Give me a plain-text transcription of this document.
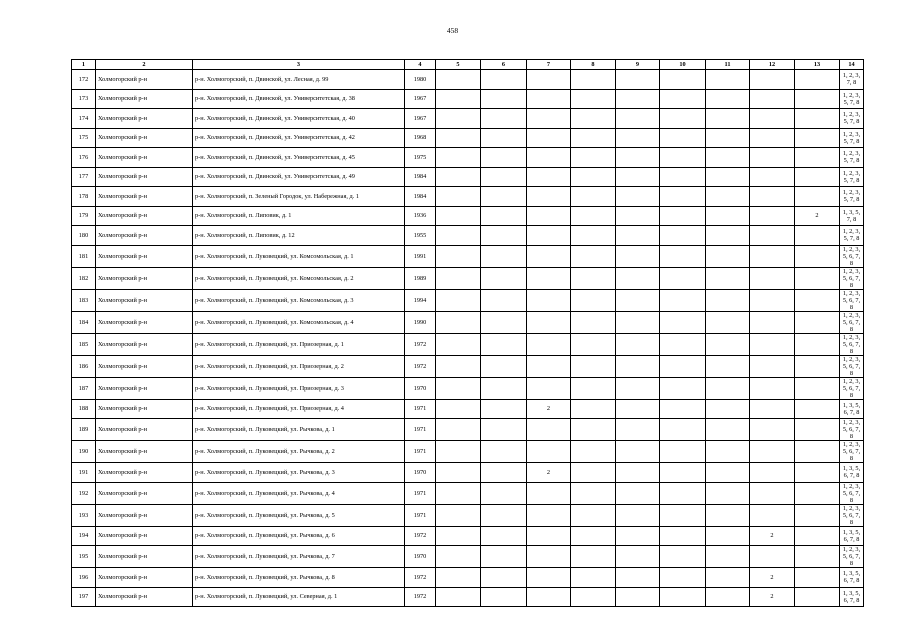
458
1	2	3	4	5	6	7	8	9	10	11	12	13	14
172	Холмогорский р-н	р-н. Холмогорский, п. Двинской, ул. Лесная, д. 99	1980										1, 2, 3, 7, 8
173	Холмогорский р-н	р-н. Холмогорский, п. Двинской, ул. Университетская, д. 38	1967										1, 2, 3, 5, 7, 8
174	Холмогорский р-н	р-н. Холмогорский, п. Двинской, ул. Университетская, д. 40	1967										1, 2, 3, 5, 7, 8
175	Холмогорский р-н	р-н. Холмогорский, п. Двинской, ул. Университетская, д. 42	1968										1, 2, 3, 5, 7, 8
176	Холмогорский р-н	р-н. Холмогорский, п. Двинской, ул. Университетская, д. 45	1975										1, 2, 3, 5, 7, 8
177	Холмогорский р-н	р-н. Холмогорский, п. Двинской, ул. Университетская, д. 49	1984										1, 2, 3, 5, 7, 8
178	Холмогорский р-н	р-н. Холмогорский, п. Зеленый Городок, ул. Набережная, д. 1	1984										1, 2, 3, 5, 7, 8
179	Холмогорский р-н	р-н. Холмогорский, п. Липовик, д. 1	1936									2	1, 3, 5, 7, 8
180	Холмогорский р-н	р-н. Холмогорский, п. Липовик, д. 12	1955										1, 2, 3, 5, 7, 8
181	Холмогорский р-н	р-н. Холмогорский, п. Луковецкий, ул. Комсомольская, д. 1	1991										1, 2, 3, 5, 6, 7, 8
182	Холмогорский р-н	р-н. Холмогорский, п. Луковецкий, ул. Комсомольская, д. 2	1989										1, 2, 3, 5, 6, 7, 8
183	Холмогорский р-н	р-н. Холмогорский, п. Луковецкий, ул. Комсомольская, д. 3	1994										1, 2, 3, 5, 6, 7, 8
184	Холмогорский р-н	р-н. Холмогорский, п. Луковецкий, ул. Комсомольская, д. 4	1990										1, 2, 3, 5, 6, 7, 8
185	Холмогорский р-н	р-н. Холмогорский, п. Луковецкий, ул. Приозерная, д. 1	1972										1, 2, 3, 5, 6, 7, 8
186	Холмогорский р-н	р-н. Холмогорский, п. Луковецкий, ул. Приозерная, д. 2	1972										1, 2, 3, 5, 6, 7, 8
187	Холмогорский р-н	р-н. Холмогорский, п. Луковецкий, ул. Приозерная, д. 3	1970										1, 2, 3, 5, 6, 7, 8
188	Холмогорский р-н	р-н. Холмогорский, п. Луковецкий, ул. Приозерная, д. 4	1971			2							1, 3, 5, 6, 7, 8
189	Холмогорский р-н	р-н. Холмогорский, п. Луковецкий, ул. Рычкова, д. 1	1971										1, 2, 3, 5, 6, 7, 8
190	Холмогорский р-н	р-н. Холмогорский, п. Луковецкий, ул. Рычкова, д. 2	1971										1, 2, 3, 5, 6, 7, 8
191	Холмогорский р-н	р-н. Холмогорский, п. Луковецкий, ул. Рычкова, д. 3	1970			2							1, 3, 5, 6, 7, 8
192	Холмогорский р-н	р-н. Холмогорский, п. Луковецкий, ул. Рычкова, д. 4	1971										1, 2, 3, 5, 6, 7, 8
193	Холмогорский р-н	р-н. Холмогорский, п. Луковецкий, ул. Рычкова, д. 5	1971										1, 2, 3, 5, 6, 7, 8
194	Холмогорский р-н	р-н. Холмогорский, п. Луковецкий, ул. Рычкова, д. 6	1972								2		1, 3, 5, 6, 7, 8
195	Холмогорский р-н	р-н. Холмогорский, п. Луковецкий, ул. Рычкова, д. 7	1970										1, 2, 3, 5, 6, 7, 8
196	Холмогорский р-н	р-н. Холмогорский, п. Луковецкий, ул. Рычкова, д. 8	1972								2		1, 3, 5, 6, 7, 8
197	Холмогорский р-н	р-н. Холмогорский, п. Луковецкий, ул. Северная, д. 1	1972								2		1, 3, 5, 6, 7, 8
